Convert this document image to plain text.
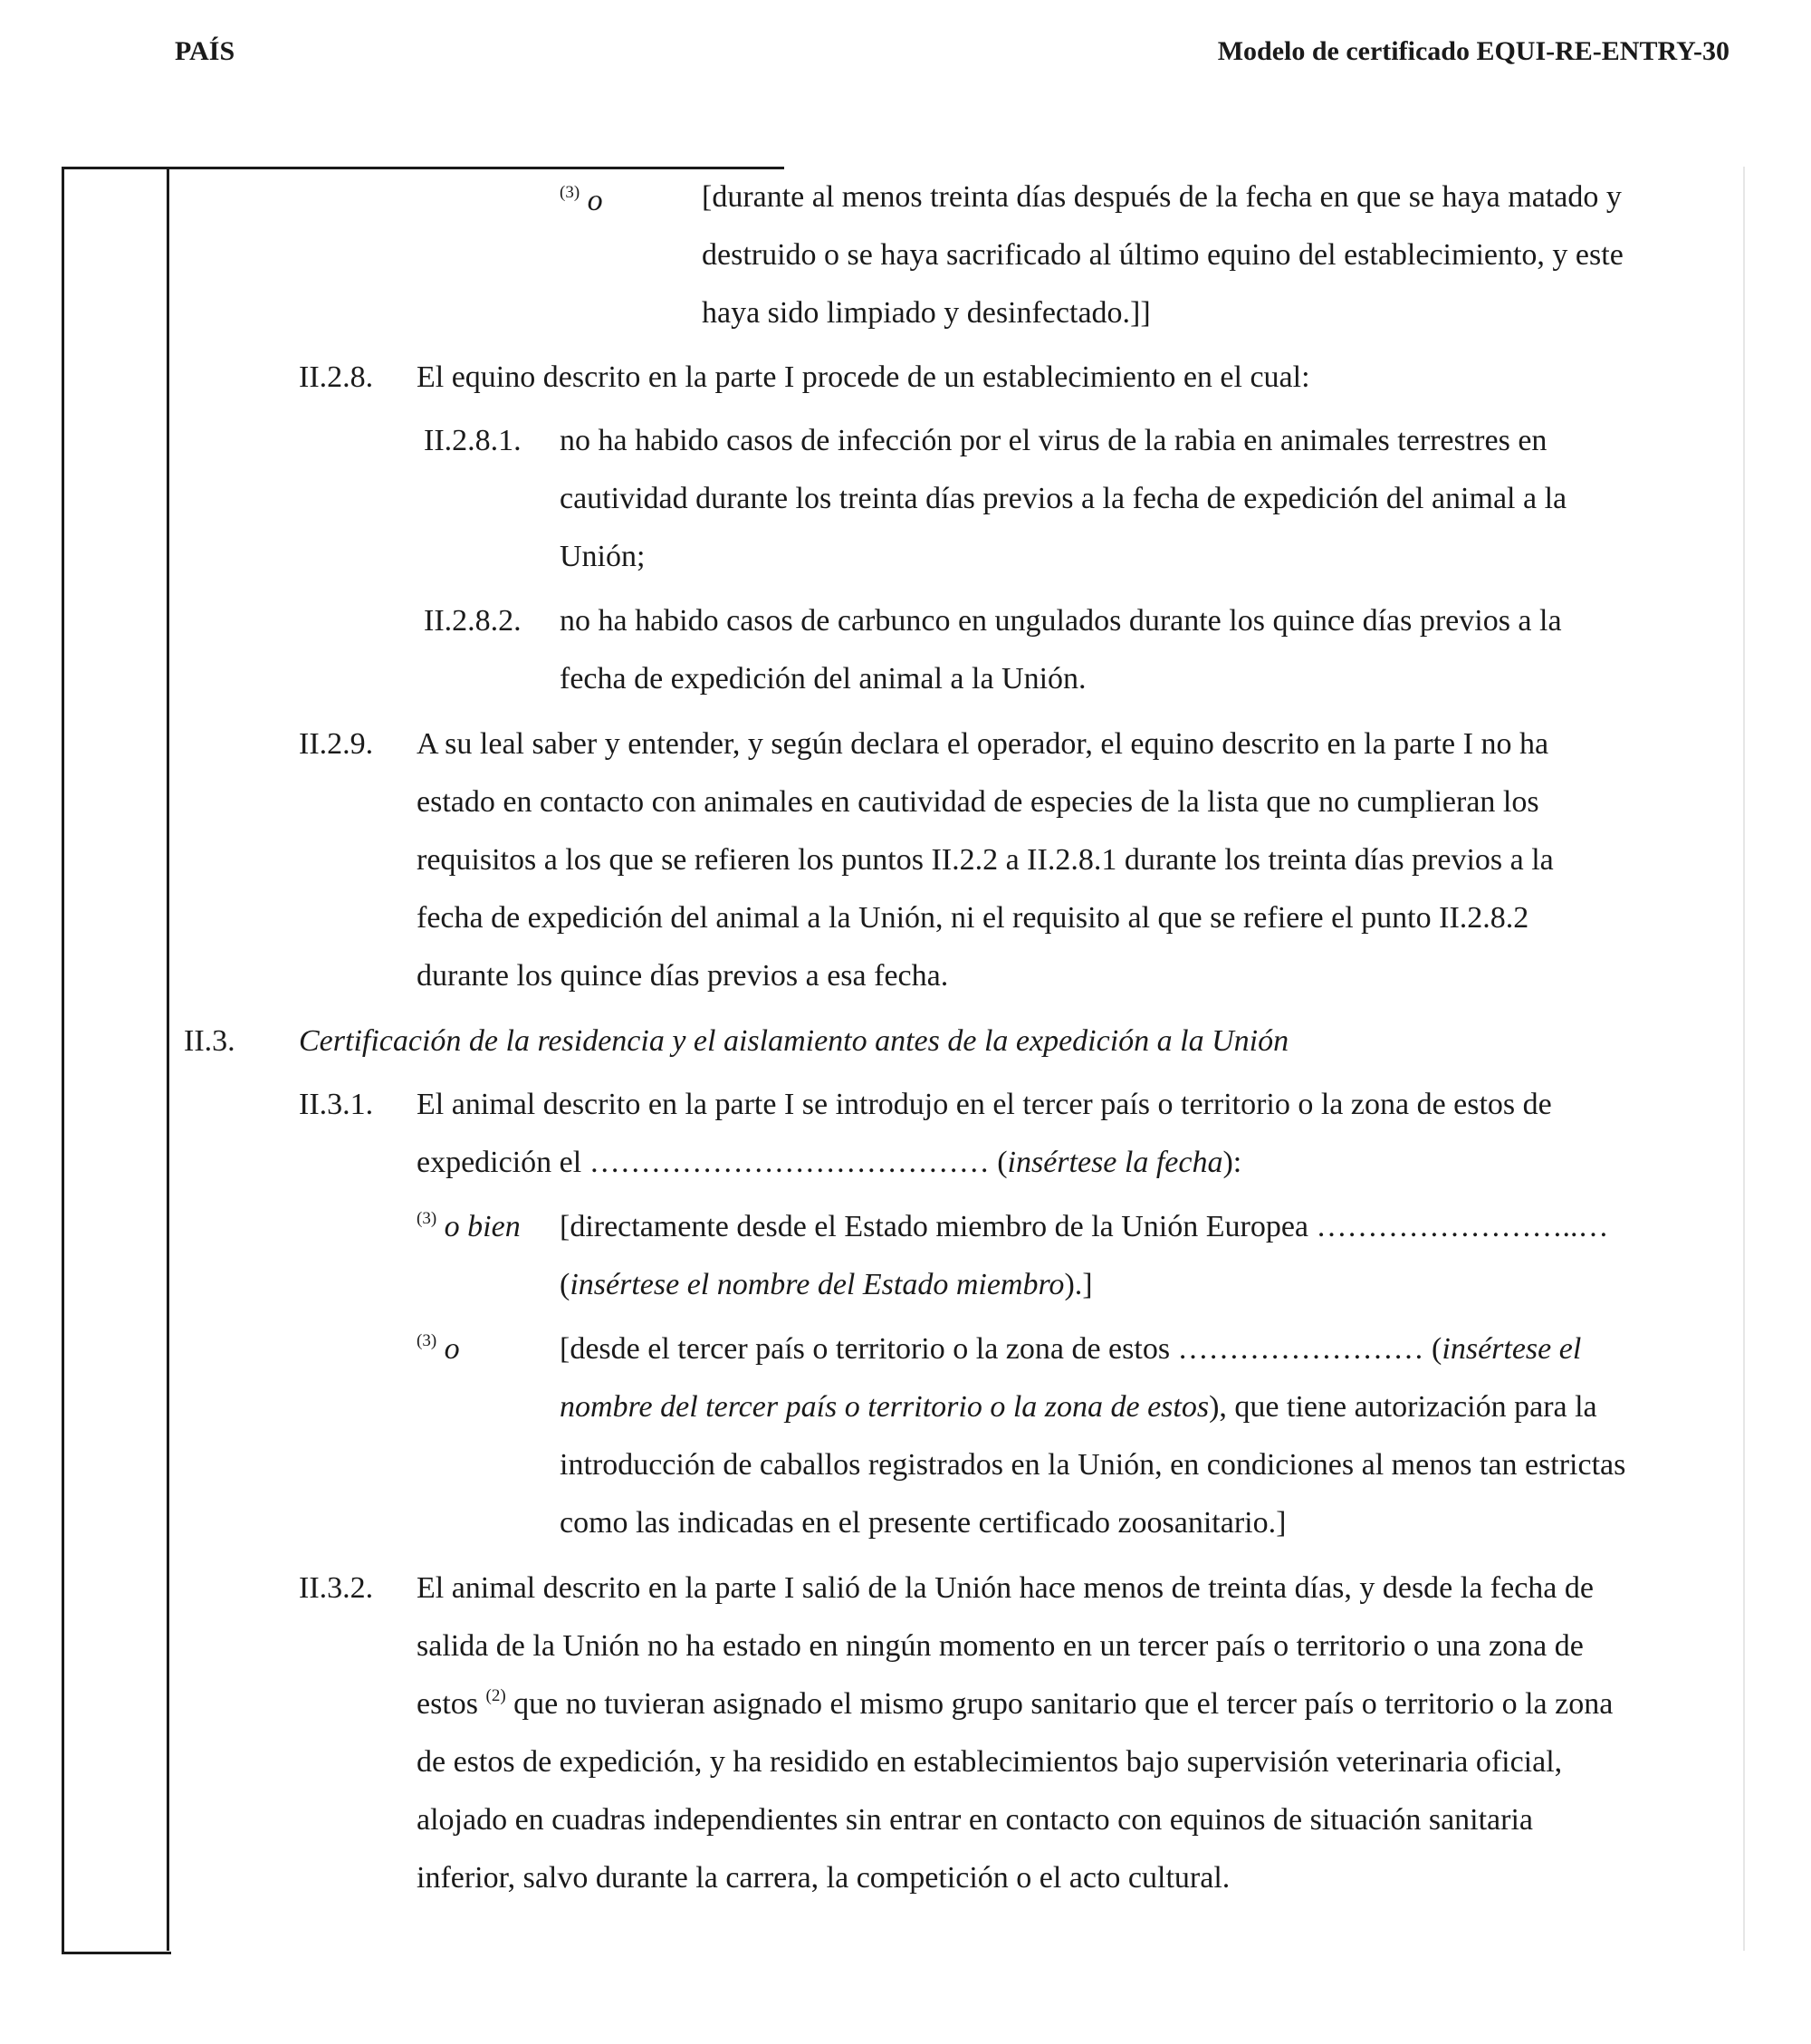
PAÍS	Modelo de certificado EQUI-RE-ENTRY-30
$^{(3)}$ o	[durante al menos treinta días después de la fecha en que se haya matado y
destruido o se haya sacrificado al último equino del establecimiento, y este
haya sido limpiado y desinfectado.]]
II.2.8. El equino descrito en la parte I procede de un establecimiento en el cual:
II.2.8.1. no ha habido casos de infección por el virus de la rabia en animales terrestres en
cautividad durante los treinta días previos a la fecha de expedición del animal a la
Unión;
II.2.8.2. no ha habido casos de carbunco en ungulados durante los quince días previos a la
fecha de expedición del animal a la Unión.
II.2.9. A su leal saber y entender, y según declara el operador, el equino descrito en la parte I no ha
estado en contacto con animales en cautividad de especies de la lista que no cumplieran los
requisitos a los que se refieren los puntos II.2.2 a II.2.8.1 durante los treinta días previos a la
fecha de expedición del animal a la Unión, ni el requisito al que se refiere el punto II.2.8.2
durante los quince días previos a esa fecha.
II.3. Certificación de la residencia y el aislamiento antes de la expedición a la Unión
II.3.1. El animal descrito en la parte I se introdujo en el tercer país o territorio o la zona de estos de
expedición el ………………………………… (insértese la fecha):
$^{(3)}$ o bien [directamente desde el Estado miembro de la Unión Europea ……………………..…
(insértese el nombre del Estado miembro).]
$^{(3)}$ o	[desde el tercer país o territorio o la zona de estos …………………… (insértese el
nombre del tercer país o territorio o la zona de estos), que tiene autorización para la
introducción de caballos registrados en la Unión, en condiciones al menos tan estrictas
como las indicadas en el presente certificado zoosanitario.]
II.3.2. El animal descrito en la parte I salió de la Unión hace menos de treinta días, y desde la fecha de
salida de la Unión no ha estado en ningún momento en un tercer país o territorio o una zona de
estos $^{(2)}$ que no tuvieran asignado el mismo grupo sanitario que el tercer país o territorio o la zona
de estos de expedición, y ha residido en establecimientos bajo supervisión veterinaria oficial,
alojado en cuadras independientes sin entrar en contacto con equinos de situación sanitaria
inferior, salvo durante la carrera, la competición o el acto cultural.
